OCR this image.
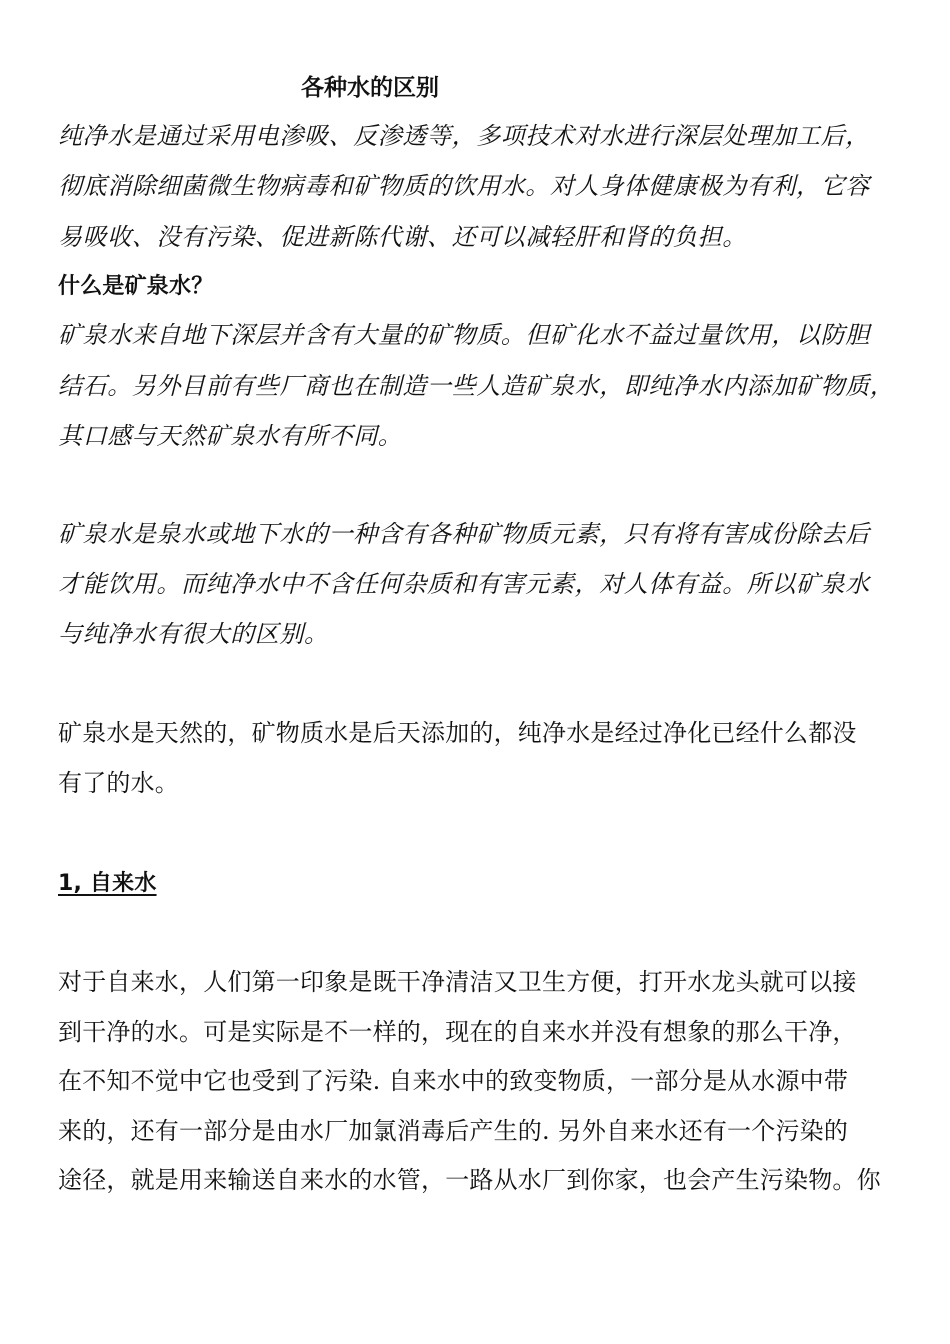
各种水的区别
纯净水是通过采用电渗吸、反渗透等，多项技术对水进行深层处理加工后，
彻底消除细菌微生物病毒和矿物质的饮用水。对人身体健康极为有利，它容
易吸收、没有污染、促进新陈代谢、还可以减轻肝和肾的负担。
什么是矿泉水？
矿泉水来自地下深层并含有大量的矿物质。但矿化水不益过量饮用，以防胆
结石。另外目前有些厂商也在制造一些人造矿泉水，即纯净水内添加矿物质，
其口感与天然矿泉水有所不同。
矿泉水是泉水或地下水的一种含有各种矿物质元素，只有将有害成份除去后
才能饮用。而纯净水中不含任何杂质和有害元素，对人体有益。所以矿泉水
与纯净水有很大的区别。
矿泉水是天然的，矿物质水是后天添加的，纯净水是经过净化已经什么都没
有了的水。
1, 自来水
对于自来水，人们第一印象是既干净清洁又卫生方便，打开水龙头就可以接
到干净的水。可是实际是不一样的，现在的自来水并没有想象的那么干净，
在不知不觉中它也受到了污染. 自来水中的致变物质，一部分是从水源中带
来的，还有一部分是由水厂加氯消毒后产生的. 另外自来水还有一个污染的
途径，就是用来输送自来水的水管，一路从水厂到你家，也会产生污染物。你
